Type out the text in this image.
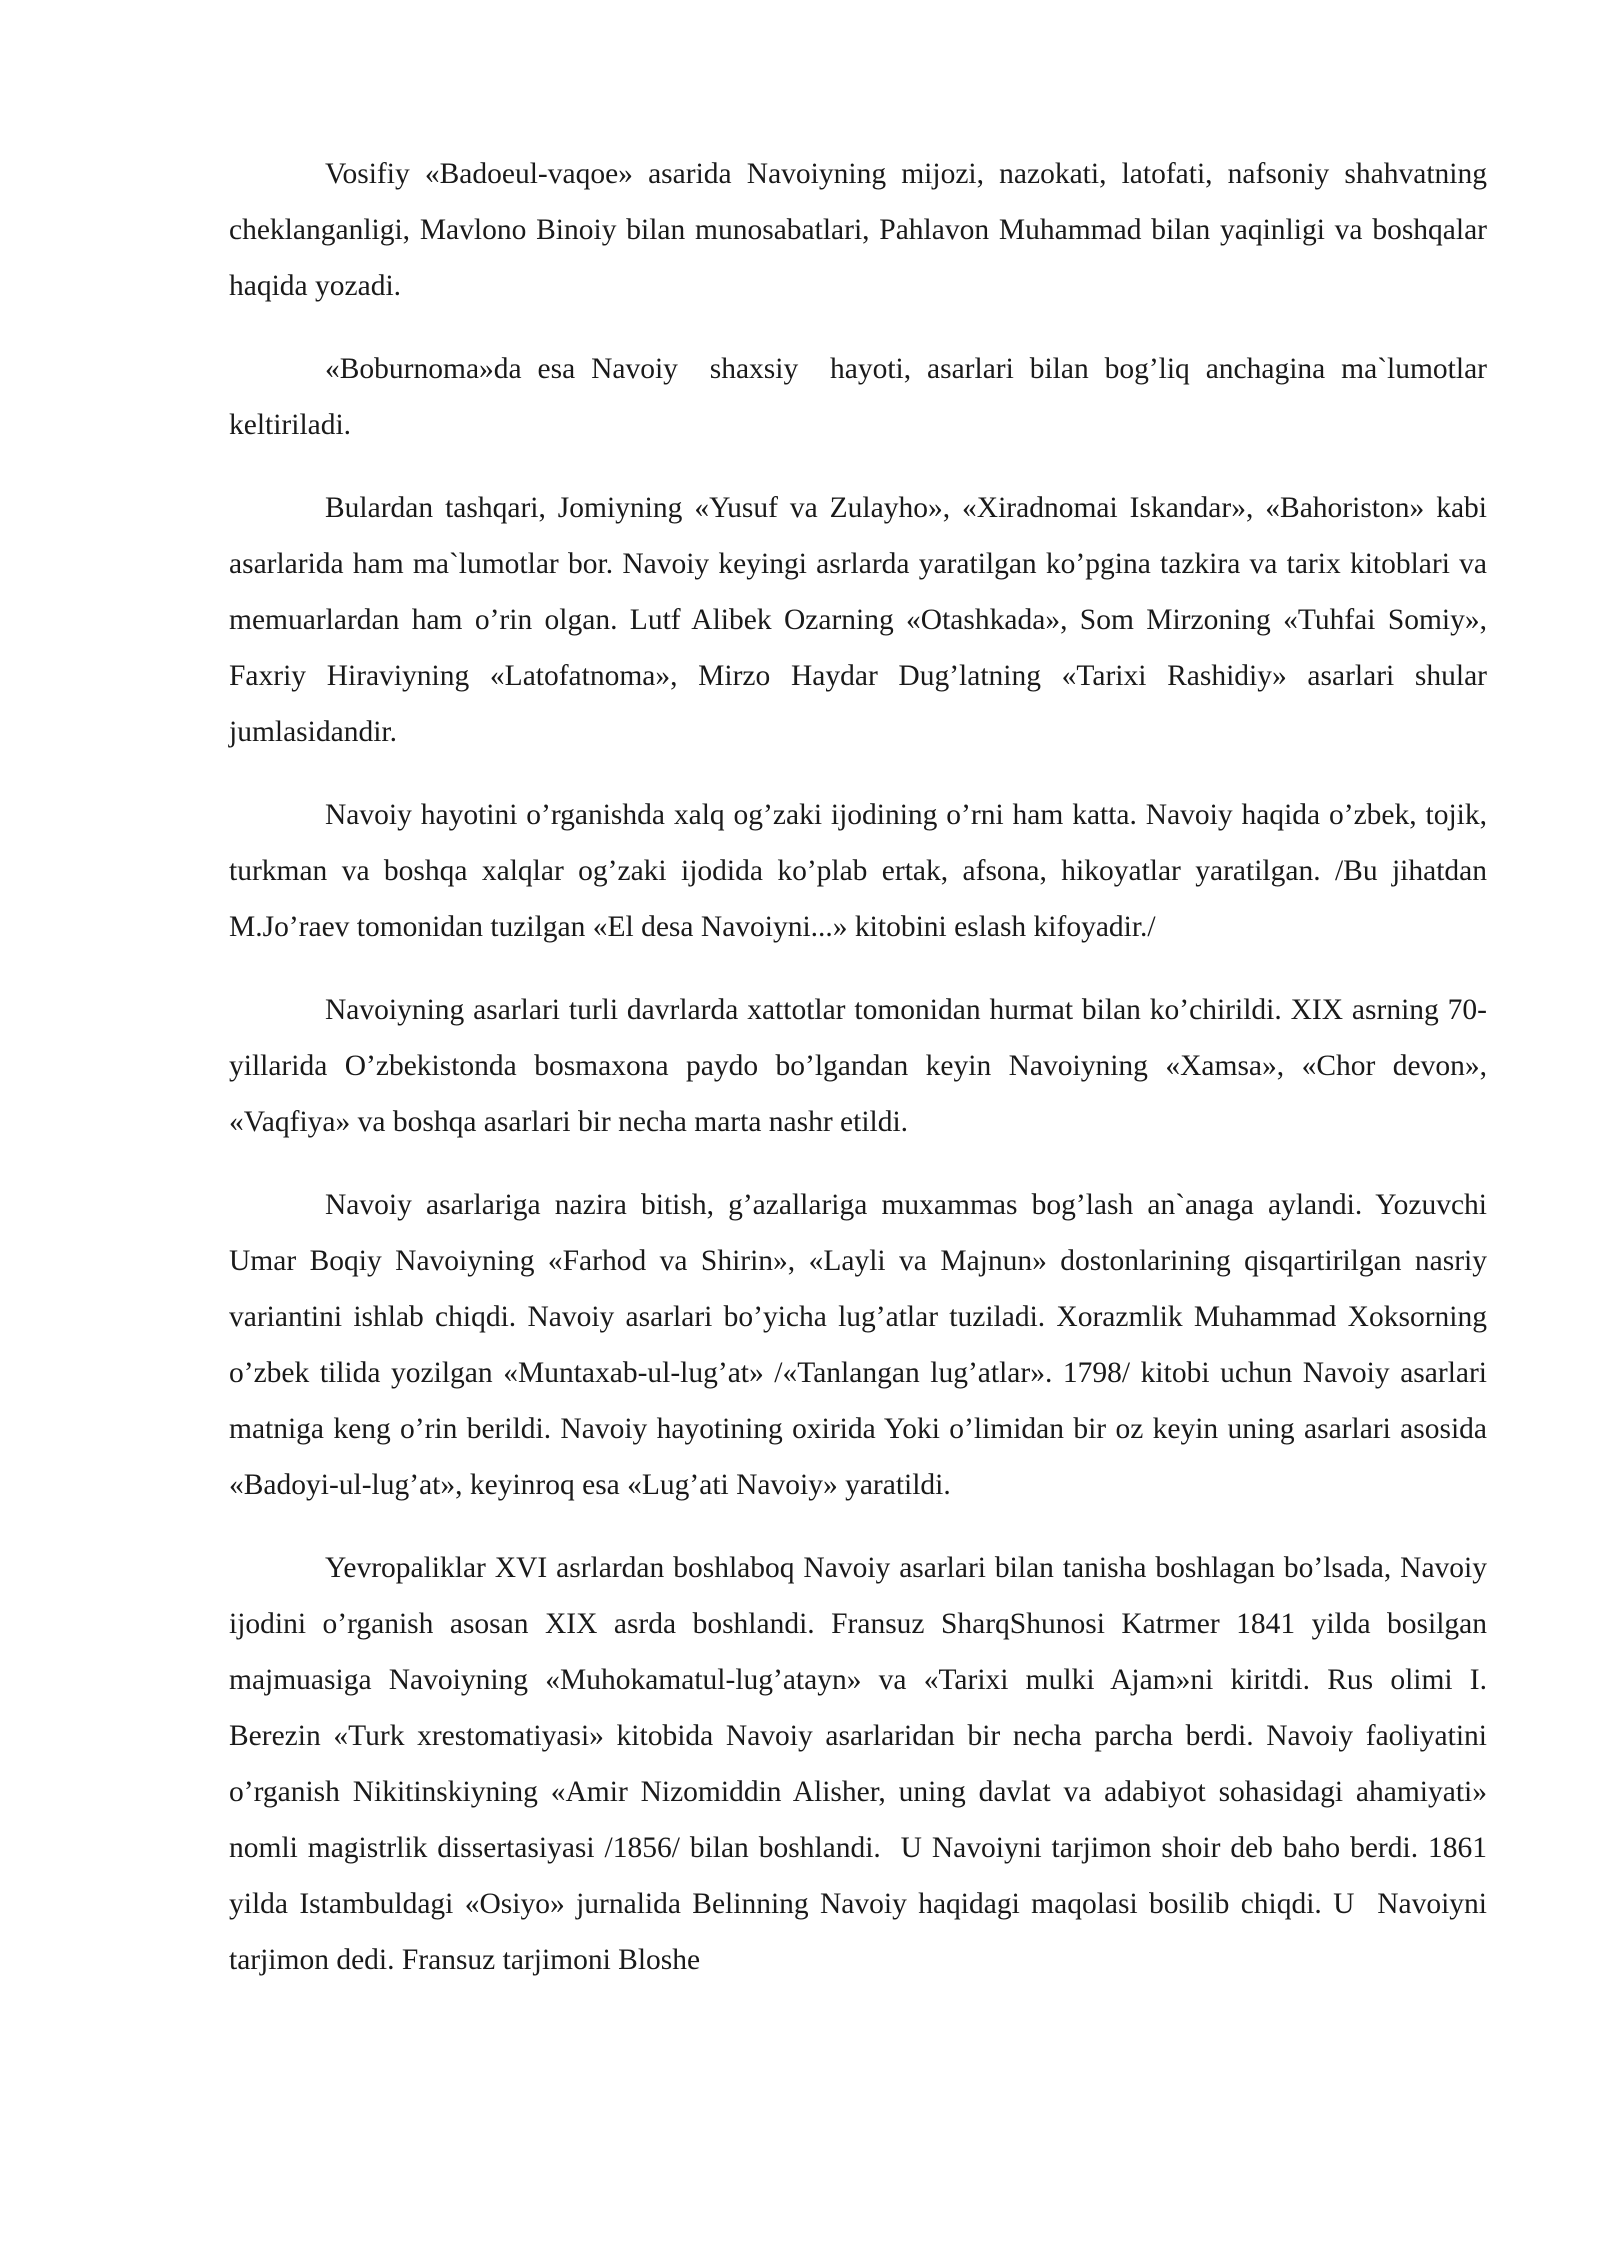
Vosifiy «Badoeul-vaqoe» asarida Navoiyning mijozi, nazokati, latofati, nafsoniy shahvatning cheklanganligi, Mavlono Binoiy bilan munosabatlari, Pahlavon Muhammad bilan yaqinligi va boshqalar haqida yozadi.

«Boburnoma»da esa Navoiy  shaxsiy  hayoti, asarlari bilan bog’liq anchagina ma`lumotlar keltiriladi.

Bulardan tashqari, Jomiyning «Yusuf va Zulayho», «Xiradnomai Iskandar», «Bahoriston» kabi asarlarida ham ma`lumotlar bor. Navoiy keyingi asrlarda yaratilgan ko’pgina tazkira va tarix kitoblari va memuarlardan ham o’rin olgan. Lutf Alibek Ozarning «Otashkada», Som Mirzoning «Tuhfai Somiy», Faxriy Hiraviyning «Latofatnoma», Mirzo Haydar Dug’latning «Tarixi Rashidiy» asarlari shular jumlasidandir.

Navoiy hayotini o’rganishda xalq og’zaki ijodining o’rni ham katta. Navoiy haqida o’zbek, tojik, turkman va boshqa xalqlar og’zaki ijodida ko’plab ertak, afsona, hikoyatlar yaratilgan. /Bu jihatdan M.Jo’raev tomonidan tuzilgan «El desa Navoiyni...» kitobini eslash kifoyadir./

Navoiyning asarlari turli davrlarda xattotlar tomonidan hurmat bilan ko’chirildi. XIX asrning 70-yillarida O’zbekistonda bosmaxona paydo bo’lgandan keyin Navoiyning «Xamsa», «Chor devon», «Vaqfiya» va boshqa asarlari bir necha marta nashr etildi.

Navoiy asarlariga nazira bitish, g’azallariga muxammas bog’lash an`anaga aylandi. Yozuvchi Umar Boqiy Navoiyning «Farhod va Shirin», «Layli va Majnun» dostonlarining qisqartirilgan nasriy variantini ishlab chiqdi. Navoiy asarlari bo’yicha lug’atlar tuziladi. Xorazmlik Muhammad Xoksorning o’zbek tilida yozilgan «Muntaxab-ul-lug’at» /«Tanlangan lug’atlar». 1798/ kitobi uchun Navoiy asarlari matniga keng o’rin berildi. Navoiy hayotining oxirida Yoki o’limidan bir oz keyin uning asarlari asosida «Badoyi-ul-lug’at», keyinroq esa «Lug’ati Navoiy» yaratildi.

Yevropaliklar XVI asrlardan boshlaboq Navoiy asarlari bilan tanisha boshlagan bo’lsada, Navoiy ijodini o’rganish asosan XIX asrda boshlandi. Fransuz SharqShunosi Katrmer 1841 yilda bosilgan majmuasiga Navoiyning «Muhokamatul-lug’atayn» va «Tarixi mulki Ajam»ni kiritdi. Rus olimi I. Berezin «Turk xrestomatiyasi» kitobida Navoiy asarlaridan bir necha parcha berdi. Navoiy faoliyatini o’rganish Nikitinskiyning «Amir Nizomiddin Alisher, uning davlat va adabiyot sohasidagi ahamiyati» nomli magistrlik dissertasiyasi /1856/ bilan boshlandi.  U Navoiyni tarjimon shoir deb baho berdi. 1861 yilda Istambuldagi «Osiyo» jurnalida Belinning Navoiy haqidagi maqolasi bosilib chiqdi. U  Navoiyni  tarjimon dedi. Fransuz tarjimoni Bloshe
